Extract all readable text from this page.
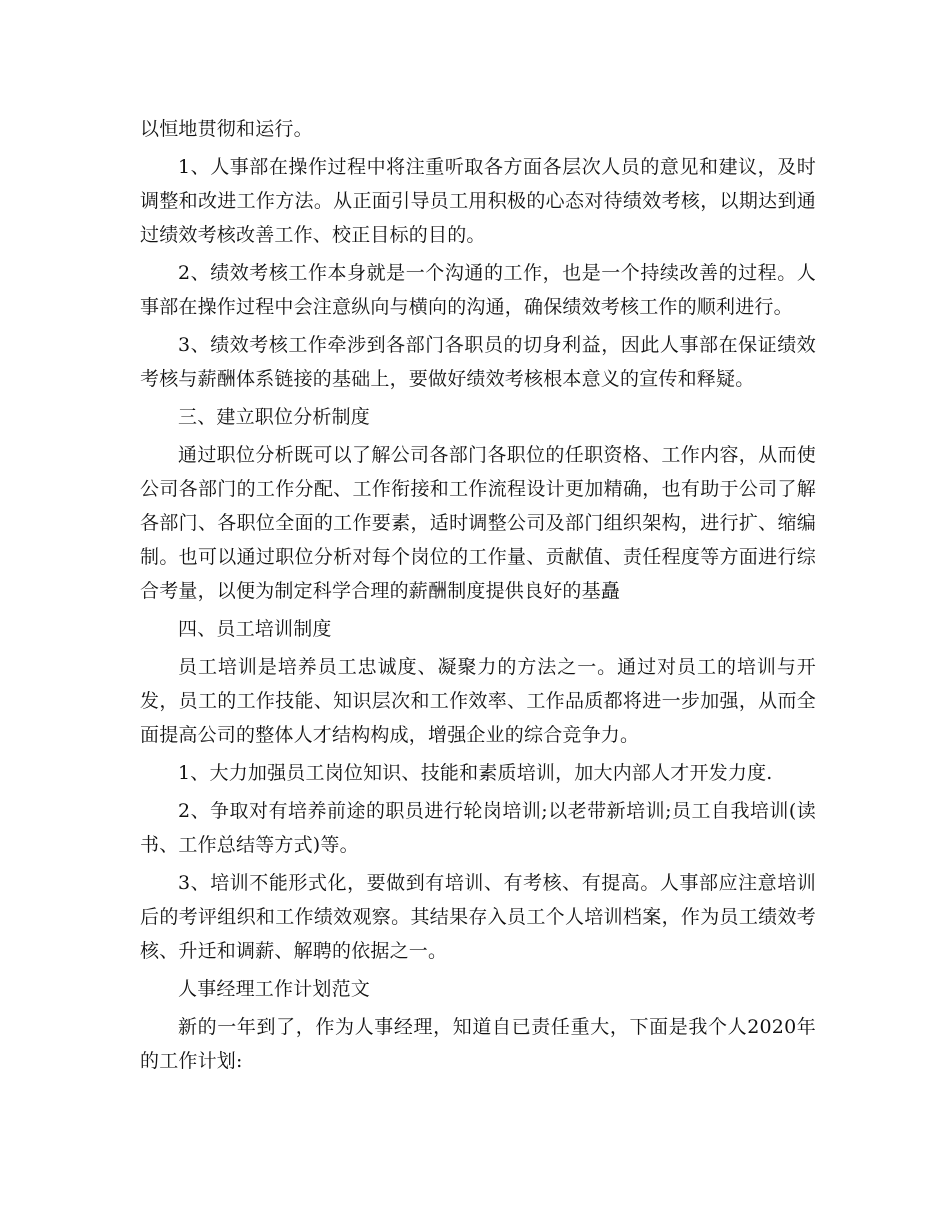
以恒地贯彻和运行。

1、人事部在操作过程中将注重听取各方面各层次人员的意见和建议，及时调整和改进工作方法。从正面引导员工用积极的心态对待绩效考核，以期达到通过绩效考核改善工作、校正目标的目的。

2、绩效考核工作本身就是一个沟通的工作，也是一个持续改善的过程。人事部在操作过程中会注意纵向与横向的沟通，确保绩效考核工作的顺利进行。

3、绩效考核工作牵涉到各部门各职员的切身利益，因此人事部在保证绩效考核与薪酬体系链接的基础上，要做好绩效考核根本意义的宣传和释疑。

三、建立职位分析制度

通过职位分析既可以了解公司各部门各职位的任职资格、工作内容，从而使公司各部门的工作分配、工作衔接和工作流程设计更加精确，也有助于公司了解各部门、各职位全面的工作要素，适时调整公司及部门组织架构，进行扩、缩编制。也可以通过职位分析对每个岗位的工作量、贡献值、责任程度等方面进行综合考量，以便为制定科学合理的薪酬制度提供良好的基矗

四、员工培训制度

员工培训是培养员工忠诚度、凝聚力的方法之一。通过对员工的培训与开发，员工的工作技能、知识层次和工作效率、工作品质都将进一步加强，从而全面提高公司的整体人才结构构成，增强企业的综合竞争力。

1、大力加强员工岗位知识、技能和素质培训，加大内部人才开发力度.

2、争取对有培养前途的职员进行轮岗培训;以老带新培训;员工自我培训(读书、工作总结等方式)等。

3、培训不能形式化，要做到有培训、有考核、有提高。人事部应注意培训后的考评组织和工作绩效观察。其结果存入员工个人培训档案，作为员工绩效考核、升迁和调薪、解聘的依据之一。

人事经理工作计划范文

新的一年到了，作为人事经理，知道自已责任重大，下面是我个人2020年的工作计划:
